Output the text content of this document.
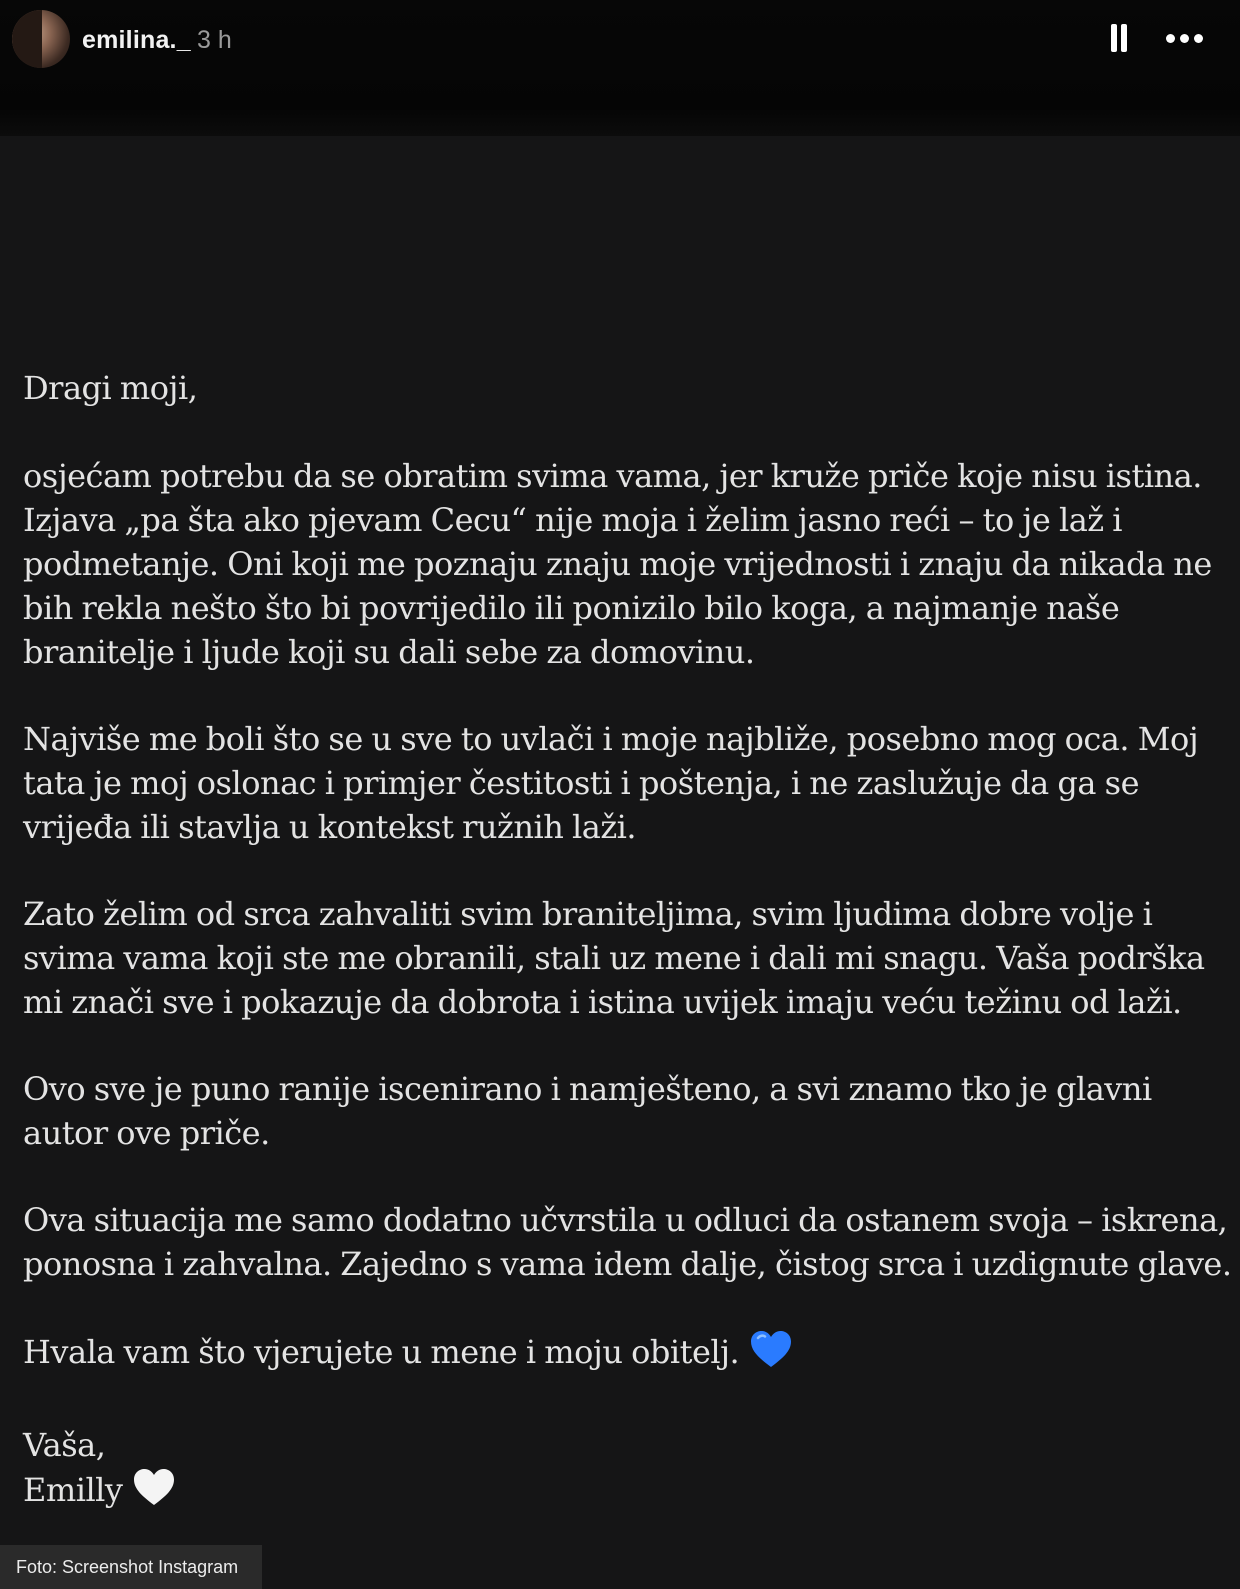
emilina._ 3 h

Dragi moji,

osjećam potrebu da se obratim svima vama, jer kruže priče koje nisu istina. Izjava „pa šta ako pjevam Cecu“ nije moja i želim jasno reći – to je laž i podmetanje. Oni koji me poznaju znaju moje vrijednosti i znaju da nikada ne bih rekla nešto što bi povrijedilo ili ponizilo bilo koga, a najmanje naše branitelje i ljude koji su dali sebe za domovinu.

Najviše me boli što se u sve to uvlači i moje najbliže, posebno mog oca. Moj tata je moj oslonac i primjer čestitosti i poštenja, i ne zaslužuje da ga se vrijeđa ili stavlja u kontekst ružnih laži.

Zato želim od srca zahvaliti svim braniteljima, svim ljudima dobre volje i svima vama koji ste me obranili, stali uz mene i dali mi snagu. Vaša podrška mi znači sve i pokazuje da dobrota i istina uvijek imaju veću težinu od laži.

Ovo sve je puno ranije iscenirano i namješteno, a svi znamo tko je glavni autor ove priče.

Ova situacija me samo dodatno učvrstila u odluci da ostanem svoja – iskrena, ponosna i zahvalna. Zajedno s vama idem dalje, čistog srca i uzdignute glave.

Hvala vam što vjerujete u mene i moju obitelj.

Vaša,
Emilly

Foto: Screenshot Instagram
